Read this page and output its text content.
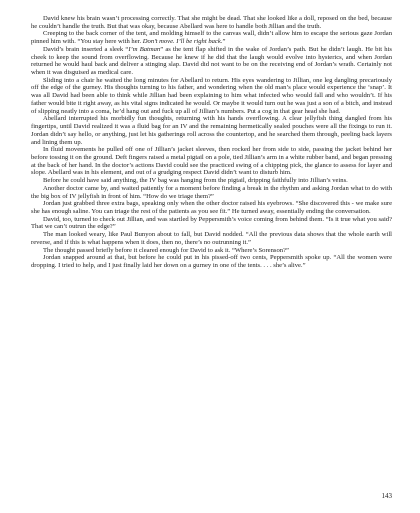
David knew his brain wasn’t processing correctly. That she might be dead. That she looked like a doll, reposed on the bed, because he couldn’t handle the truth. But that was okay, because Abellard was here to handle both Jillian and the truth.

Creeping to the back corner of the tent, and molding himself to the canvas wall, didn’t allow him to escape the serious gaze Jordan pinned him with. “You stay here with her. Don’t move. I’ll be right back.”

David’s brain inserted a sleek “I’m Batman” as the tent flap shifted in the wake of Jordan’s path. But he didn’t laugh. He bit his cheek to keep the sound from overflowing. Because he knew if he did that the laugh would evolve into hysterics, and when Jordan returned he would haul back and deliver a stinging slap. David did not want to be on the receiving end of Jordan’s wrath. Certainly not when it was disguised as medical care.

Sliding into a chair he waited the long minutes for Abellard to return. His eyes wandering to Jillian, one leg dangling precariously off the edge of the gurney. His thoughts turning to his father, and wondering when the old man’s place would experience the ‘snap’. It was all David had been able to think while Jillian had been explaining to him what infected who would fall and who wouldn’t. If his father would bite it right away, as his vital signs indicated he would. Or maybe it would turn out he was just a son of a bitch, and instead of slipping neatly into a coma, he’d hang out and fuck up all of Jillian’s numbers. Put a cog in that gear head she had.

Abellard interrupted his morbidly fun thoughts, returning with his hands overflowing. A clear jellyfish thing dangled from his fingertips, until David realized it was a fluid bag for an IV and the remaining hermetically sealed pouches were all the fixings to run it. Jordan didn’t say hello, or anything, just let his gatherings roll across the countertop, and he searched them through, peeling back layers and lining them up.

In fluid movements he pulled off one of Jillian’s jacket sleeves, then rocked her from side to side, passing the jacket behind her before tossing it on the ground. Deft fingers raised a metal pigtail on a pole, tied Jillian’s arm in a white rubber band, and began pressing at the back of her hand. In the doctor’s actions David could see the practiced swing of a chipping pick, the glance to assess for layer and slope. Abellard was in his element, and out of a grudging respect David didn’t want to disturb him.

Before he could have said anything, the IV bag was hanging from the pigtail, dripping faithfully into Jillian’s veins.

Another doctor came by, and waited patiently for a moment before finding a break in the rhythm and asking Jordan what to do with the big box of IV jellyfish in front of him. “How do we triage them?”

Jordan just grabbed three extra bags, speaking only when the other doctor raised his eyebrows. “She discovered this - we make sure she has enough saline. You can triage the rest of the patients as you see fit.” He turned away, essentially ending the conversation.

David, too, turned to check out Jillian, and was startled by Peppersmith’s voice coming from behind them. “Is it true what you said? That we can’t outrun the edge?”

The man looked weary, like Paul Bunyon about to fall, but David nodded. “All the previous data shows that the whole earth will reverse, and if this is what happens when it does, then no, there’s no outrunning it.”

The thought passed briefly before it cleared enough for David to ask it. “Where’s Sorenson?”

Jordan snapped around at that, but before he could put in his pissed-off two cents, Peppersmith spoke up. “All the women were dropping. I tried to help, and I just finally laid her down on a gurney in one of the tents. . . . she’s alive.”

143
